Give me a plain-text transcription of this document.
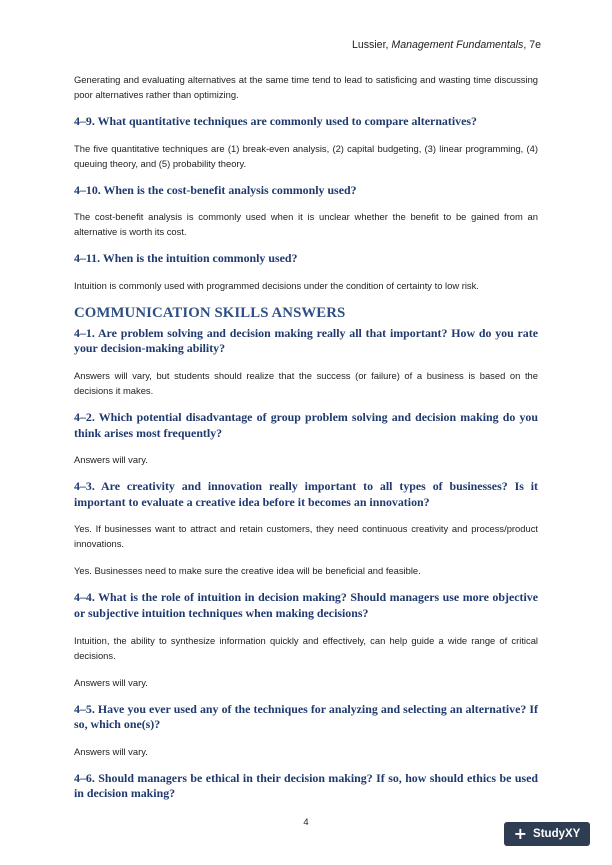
Lussier, Management Fundamentals, 7e

Generating and evaluating alternatives at the same time tend to lead to satisficing and wasting time discussing poor alternatives rather than optimizing.

4–9. What quantitative techniques are commonly used to compare alternatives?

The five quantitative techniques are (1) break-even analysis, (2) capital budgeting, (3) linear programming, (4) queuing theory, and (5) probability theory.

4–10. When is the cost-benefit analysis commonly used?

The cost-benefit analysis is commonly used when it is unclear whether the benefit to be gained from an alternative is worth its cost.

4–11. When is the intuition commonly used?

Intuition is commonly used with programmed decisions under the condition of certainty to low risk.

COMMUNICATION SKILLS ANSWERS
4–1. Are problem solving and decision making really all that important? How do you rate your decision-making ability?

Answers will vary, but students should realize that the success (or failure) of a business is based on the decisions it makes.

4–2. Which potential disadvantage of group problem solving and decision making do you think arises most frequently?

Answers will vary.

4–3. Are creativity and innovation really important to all types of businesses? Is it important to evaluate a creative idea before it becomes an innovation?

Yes. If businesses want to attract and retain customers, they need continuous creativity and process/product innovations.

Yes. Businesses need to make sure the creative idea will be beneficial and feasible.

4–4. What is the role of intuition in decision making? Should managers use more objective or subjective intuition techniques when making decisions?

Intuition, the ability to synthesize information quickly and effectively, can help guide a wide range of critical decisions.

Answers will vary.

4–5. Have you ever used any of the techniques for analyzing and selecting an alternative? If so, which one(s)?

Answers will vary.

4–6. Should managers be ethical in their decision making? If so, how should ethics be used in decision making?
4
+ StudyXY
